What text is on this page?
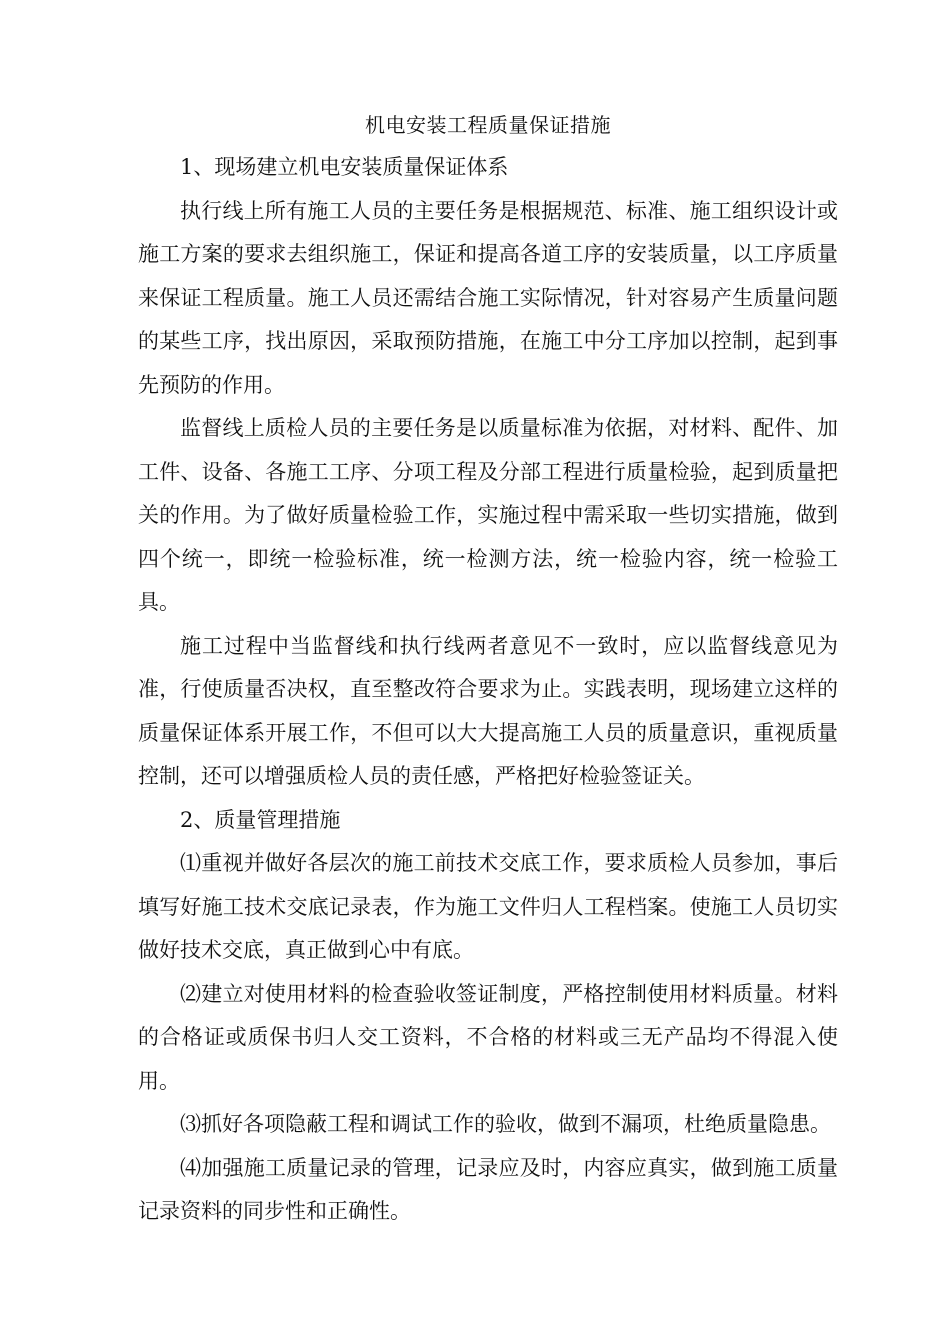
机电安装工程质量保证措施

1、现场建立机电安装质量保证体系

执行线上所有施工人员的主要任务是根据规范、标准、施工组织设计或施工方案的要求去组织施工，保证和提高各道工序的安装质量，以工序质量来保证工程质量。施工人员还需结合施工实际情况，针对容易产生质量问题的某些工序，找出原因，采取预防措施，在施工中分工序加以控制，起到事先预防的作用。

监督线上质检人员的主要任务是以质量标准为依据，对材料、配件、加工件、设备、各施工工序、分项工程及分部工程进行质量检验，起到质量把关的作用。为了做好质量检验工作，实施过程中需采取一些切实措施，做到四个统一，即统一检验标准，统一检测方法，统一检验内容，统一检验工具。

施工过程中当监督线和执行线两者意见不一致时，应以监督线意见为准，行使质量否决权，直至整改符合要求为止。实践表明，现场建立这样的质量保证体系开展工作，不但可以大大提高施工人员的质量意识，重视质量控制，还可以增强质检人员的责任感，严格把好检验签证关。

2、质量管理措施

⑴重视并做好各层次的施工前技术交底工作，要求质检人员参加，事后填写好施工技术交底记录表，作为施工文件归人工程档案。使施工人员切实做好技术交底，真正做到心中有底。

⑵建立对使用材料的检查验收签证制度，严格控制使用材料质量。材料的合格证或质保书归人交工资料，不合格的材料或三无产品均不得混入使用。

⑶抓好各项隐蔽工程和调试工作的验收，做到不漏项，杜绝质量隐患。

⑷加强施工质量记录的管理，记录应及时，内容应真实，做到施工质量记录资料的同步性和正确性。
